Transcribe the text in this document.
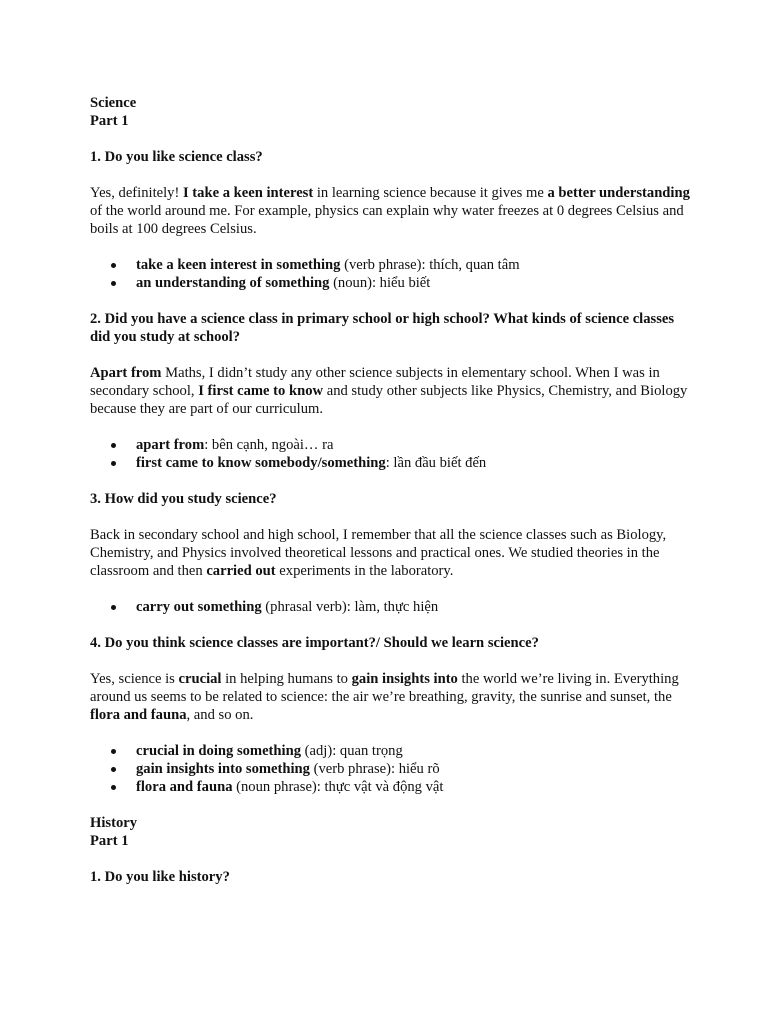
Science

Part 1

1. Do you like science class?

Yes, definitely! I take a keen interest in learning science because it gives me a better understanding of the world around me. For example, physics can explain why water freezes at 0 degrees Celsius and boils at 100 degrees Celsius.

take a keen interest in something (verb phrase): thích, quan tâm
an understanding of something (noun): hiểu biết

2. Did you have a science class in primary school or high school? What kinds of science classes did you study at school?

Apart from Maths, I didn’t study any other science subjects in elementary school. When I was in secondary school, I first came to know and study other subjects like Physics, Chemistry, and Biology because they are part of our curriculum.

apart from: bên cạnh, ngoài… ra
first came to know somebody/something: lần đầu biết đến

3. How did you study science?

Back in secondary school and high school, I remember that all the science classes such as Biology, Chemistry, and Physics involved theoretical lessons and practical ones. We studied theories in the classroom and then carried out experiments in the laboratory.

carry out something (phrasal verb): làm, thực hiện

4. Do you think science classes are important?/ Should we learn science?

Yes, science is crucial in helping humans to gain insights into the world we’re living in. Everything around us seems to be related to science: the air we’re breathing, gravity, the sunrise and sunset, the flora and fauna, and so on.

crucial in doing something (adj): quan trọng
gain insights into something (verb phrase): hiểu rõ
flora and fauna (noun phrase): thực vật và động vật

History

Part 1

1. Do you like history?
